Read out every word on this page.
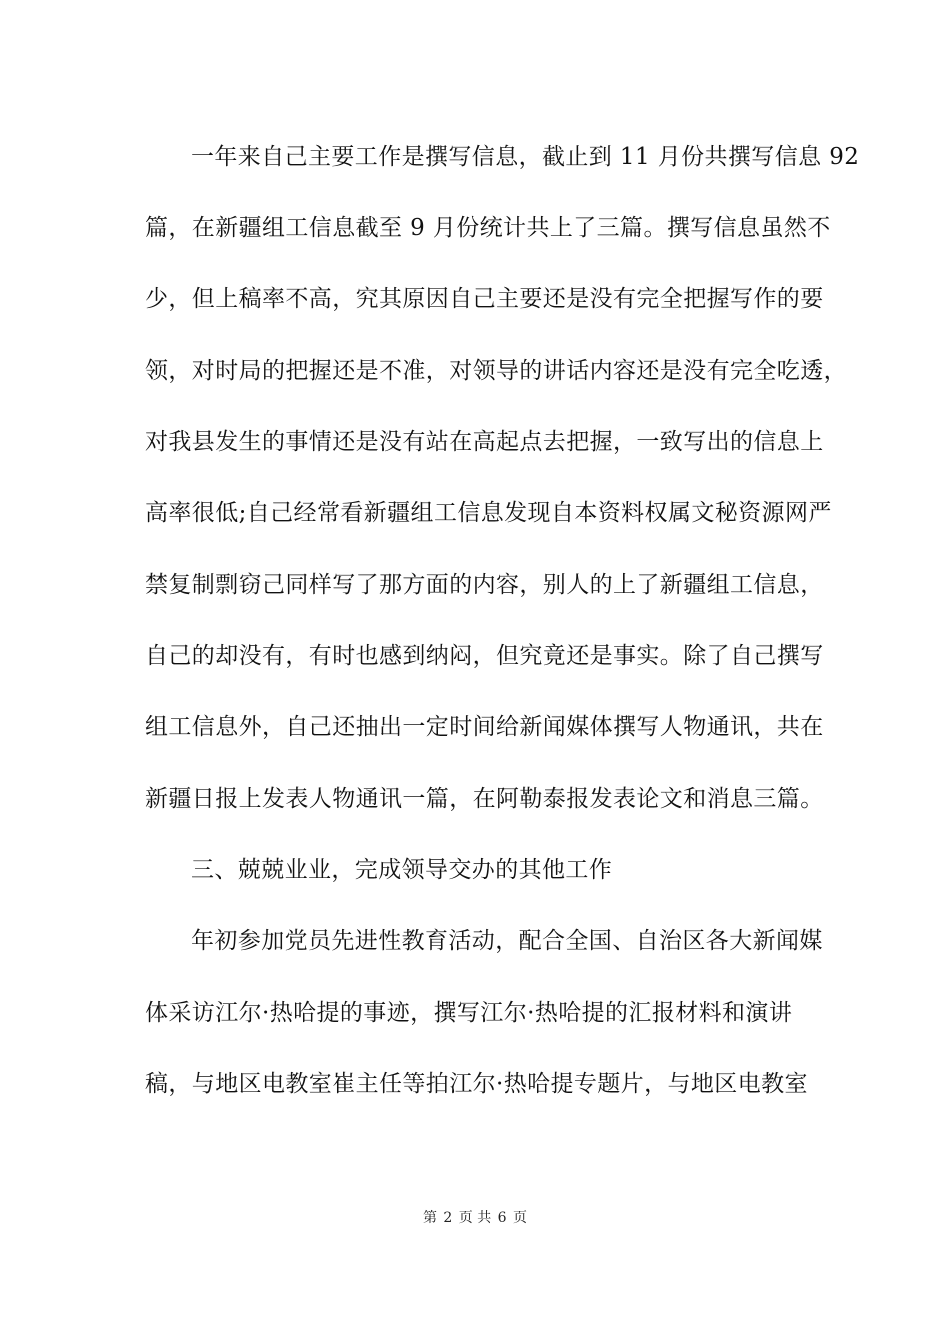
一年来自己主要工作是撰写信息，截止到 11 月份共撰写信息 92
篇，在新疆组工信息截至 9 月份统计共上了三篇。撰写信息虽然不
少，但上稿率不高，究其原因自己主要还是没有完全把握写作的要
领，对时局的把握还是不准，对领导的讲话内容还是没有完全吃透，
对我县发生的事情还是没有站在高起点去把握，一致写出的信息上
高率很低;自己经常看新疆组工信息发现自本资料权属文秘资源网严
禁复制剽窃己同样写了那方面的内容，别人的上了新疆组工信息，
自己的却没有，有时也感到纳闷，但究竟还是事实。除了自己撰写
组工信息外，自己还抽出一定时间给新闻媒体撰写人物通讯，共在
新疆日报上发表人物通讯一篇，在阿勒泰报发表论文和消息三篇。
三、兢兢业业，完成领导交办的其他工作
年初参加党员先进性教育活动，配合全国、自治区各大新闻媒
体采访江尔·热哈提的事迹，撰写江尔·热哈提的汇报材料和演讲
稿，与地区电教室崔主任等拍江尔·热哈提专题片，与地区电教室
第 2 页 共 6 页
